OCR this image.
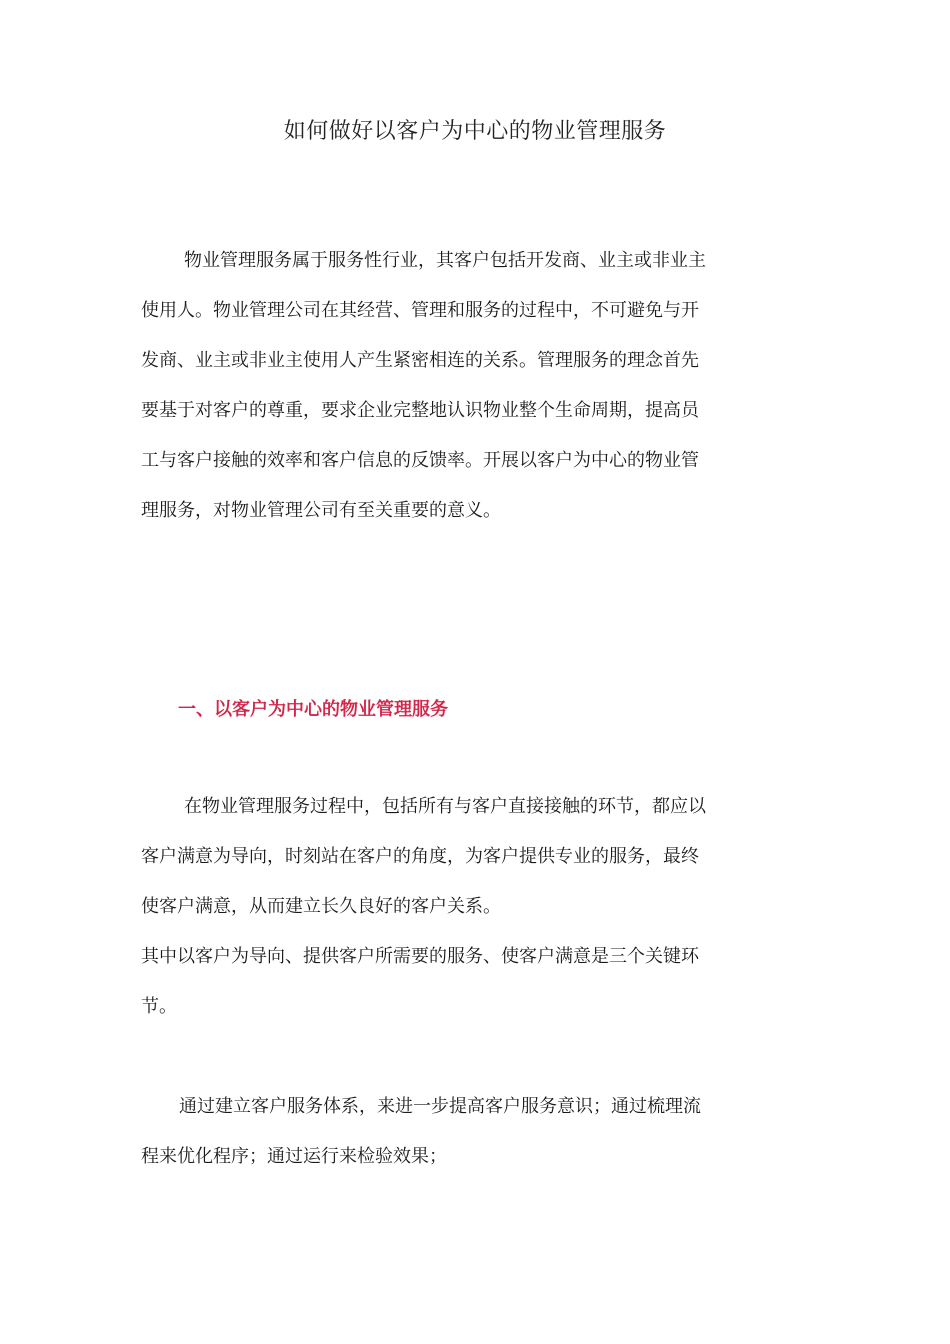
如何做好以客户为中心的物业管理服务
物业管理服务属于服务性行业，其客户包括开发商、业主或非业主
使用人。物业管理公司在其经营、管理和服务的过程中，不可避免与开
发商、业主或非业主使用人产生紧密相连的关系。管理服务的理念首先
要基于对客户的尊重，要求企业完整地认识物业整个生命周期，提高员
工与客户接触的效率和客户信息的反馈率。开展以客户为中心的物业管
理服务，对物业管理公司有至关重要的意义。
一、以客户为中心的物业管理服务
在物业管理服务过程中，包括所有与客户直接接触的环节，都应以
客户满意为导向，时刻站在客户的角度，为客户提供专业的服务，最终
使客户满意，从而建立长久良好的客户关系。
其中以客户为导向、提供客户所需要的服务、使客户满意是三个关键环
节。
通过建立客户服务体系，来进一步提高客户服务意识；通过梳理流
程来优化程序；通过运行来检验效果；
